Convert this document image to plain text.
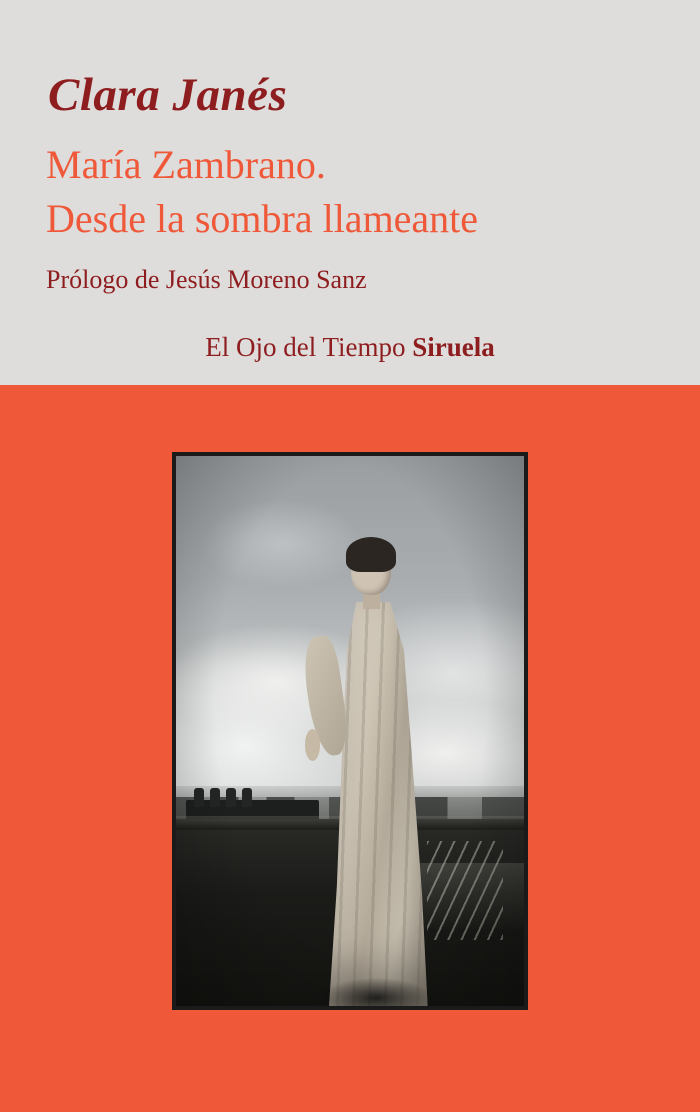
Clara Janés
María Zambrano.
Desde la sombra llameante
Prólogo de Jesús Moreno Sanz
El Ojo del Tiempo Siruela
